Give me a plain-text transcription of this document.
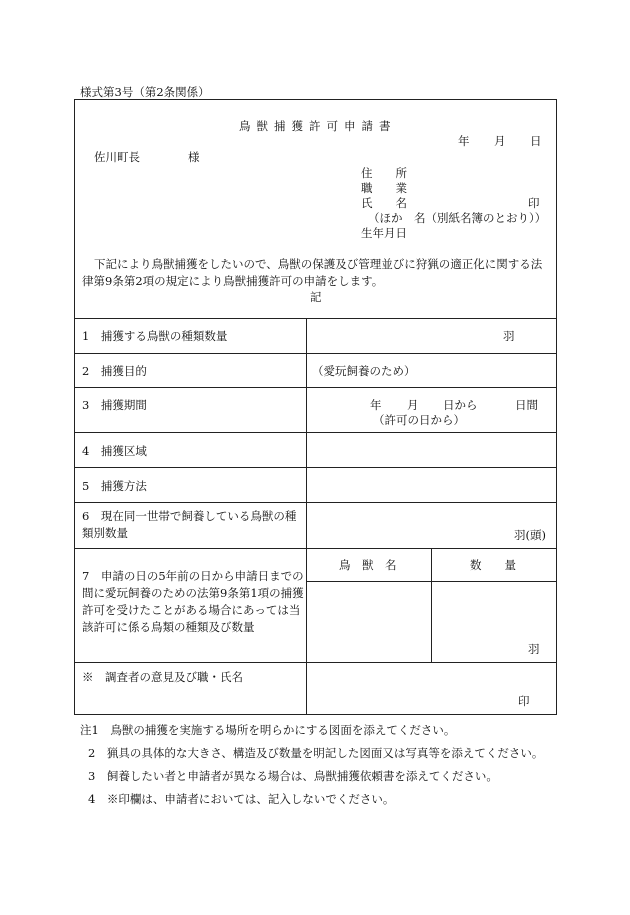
様式第3号（第2条関係）
鳥獣捕獲許可申請書
年 月 日
佐川町長	様
住　　所
職　　業
氏　　名	印
（ほか　名（別紙名簿のとおり））
生年月日
下記により鳥獣捕獲をしたいので、鳥獣の保護及び管理並びに狩猟の適正化に関する法律第9条第2項の規定により鳥獣捕獲許可の申請をします。
記
1　捕獲する鳥獣の種類数量	羽
2　捕獲目的	（愛玩飼養のため）
3　捕獲期間	年 月 日から	日間
（許可の日から）
4　捕獲区域
5　捕獲方法
6　現在同一世帯で飼養している鳥獣の種類別数量	羽(頭)
7　申請の日の5年前の日から申請日までの間に愛玩飼養のための法第9条第1項の捕獲許可を受けたことがある場合にあっては当該許可に係る鳥類の種類及び数量
鳥　獣　名	数　　量
羽
※　調査者の意見及び職・氏名
印
注1　鳥獣の捕獲を実施する場所を明らかにする図面を添えてください。
2　猟具の具体的な大きさ、構造及び数量を明記した図面又は写真等を添えてください。
3　飼養したい者と申請者が異なる場合は、鳥獣捕獲依頼書を添えてください。
4　※印欄は、申請者においては、記入しないでください。
